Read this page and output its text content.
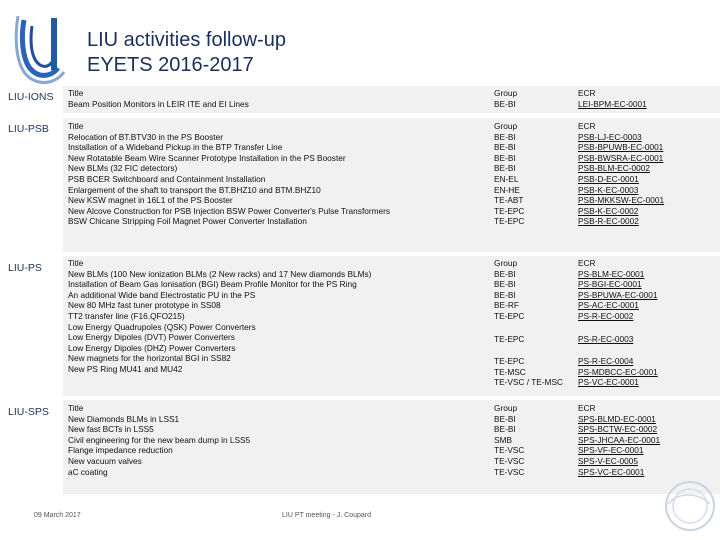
LIU activities follow-up
EYETS 2016-2017
LIU-IONS Title
Beam Position Monitors in LEIR ITE and EI Lines
Group
BE-BI
ECR
LEI-BPM-EC-0001
LIU-PSB Title
Relocation of BT.BTV30 in the PS Booster
Installation of a Wideband Pickup in the BTP Transfer Line
New Rotatable Beam Wire Scanner Prototype Installation in the PS Booster
New BLMs (32 FIC detectors)
PSB BCER Switchboard and Containment Installation
Enlargement of the shaft to transport the BT.BHZ10 and BTM.BHZ10
New KSW magnet in 16L1 of the PS Booster
New Alcove Construction for PSB Injection BSW Power Converter's Pulse Transformers
BSW Chicane Stripping Foil Magnet Power Converter Installation
Group
BE-BI
BE-BI
BE-BI
BE-BI
EN-EL
EN-HE
TE-ABT
TE-EPC
TE-EPC
ECR
PSB-LJ-EC-0003
PSB-BPUWB-EC-0001
PSB-BWSRA-EC-0001
PSB-BLM-EC-0002
PSB-D-EC-0001
PSB-K-EC-0003
PSB-MKKSW-EC-0001
PSB-K-EC-0002
PSB-R-EC-0002
LIU-PS	Title
New BLMs (100 New ionization BLMs (2 New racks) and 17 New diamonds BLMs)
Installation of Beam Gas Ionisation (BGI) Beam Profile Monitor for the PS Ring
An additional Wide band Electrostatic PU in the PS
New 80 MHz fast tuner prototype in SS08
TT2 transfer line (F16.QFO215)
Low Energy Quadrupoles (QSK) Power Converters
Low Energy Dipoles (DVT) Power Converters
Low Energy Dipoles (DHZ) Power Converters
New magnets for the horizontal BGI in SS82
New PS Ring MU41 and MU42
Group
BE-BI
BE-BI
BE-BI
BE-RF
TE-EPC
TE-EPC
TE-EPC
TE-MSC
TE-VSC / TE-MSC
ECR
PS-BLM-EC-0001
PS-BGI-EC-0001
PS-BPUWA-EC-0001
PS-AC-EC-0001
PS-R-EC-0002
PS-R-EC-0003
PS-R-EC-0004
PS-MDBCC-EC-0001
PS-VC-EC-0001
LIU-SPS Title
New Diamonds BLMs in LSS1
New fast BCTs in LSS5
Civil engineering for the new beam dump in LSS5
Flange impedance reduction
New vacuum valves
aC coating
Group
BE-BI
BE-BI
SMB
TE-VSC
TE-VSC
TE-VSC
ECR
SPS-BLMD-EC-0001
SPS-BCTW-EC-0002
SPS-JHCAA-EC-0001
SPS-VF-EC-0001
SPS-V-EC-0005
SPS-VC-EC-0001
09 March 2017	LIU PT meeting - J. Coupard
